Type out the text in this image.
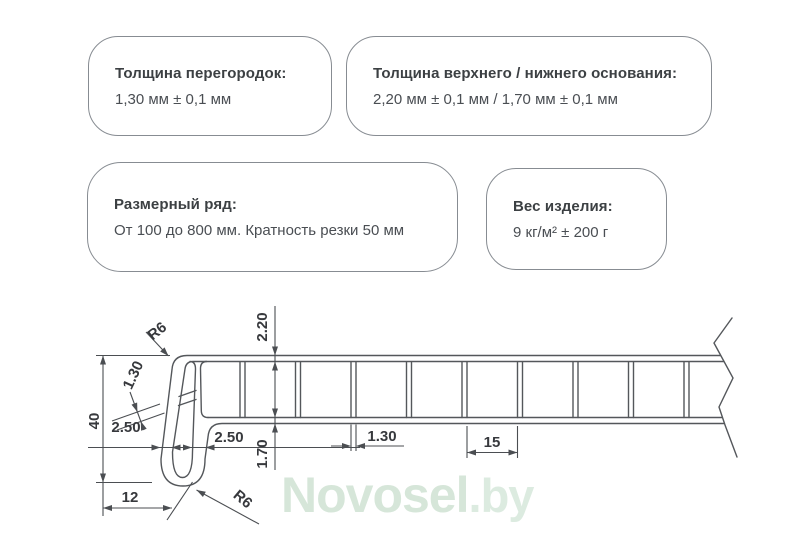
Толщина перегородок:
1,30 мм ± 0,1 мм
Толщина верхнего / нижнего основания:
2,20 мм ± 0,1 мм / 1,70 мм ± 0,1 мм
Размерный ряд:
От 100 до 800 мм. Кратность резки 50 мм
Вес изделия:
9 кг/м² ± 200 г
Novosel .by
40
R6
1.30
2.20
1.70
2.50
2.50	1.30	15
12	R6
